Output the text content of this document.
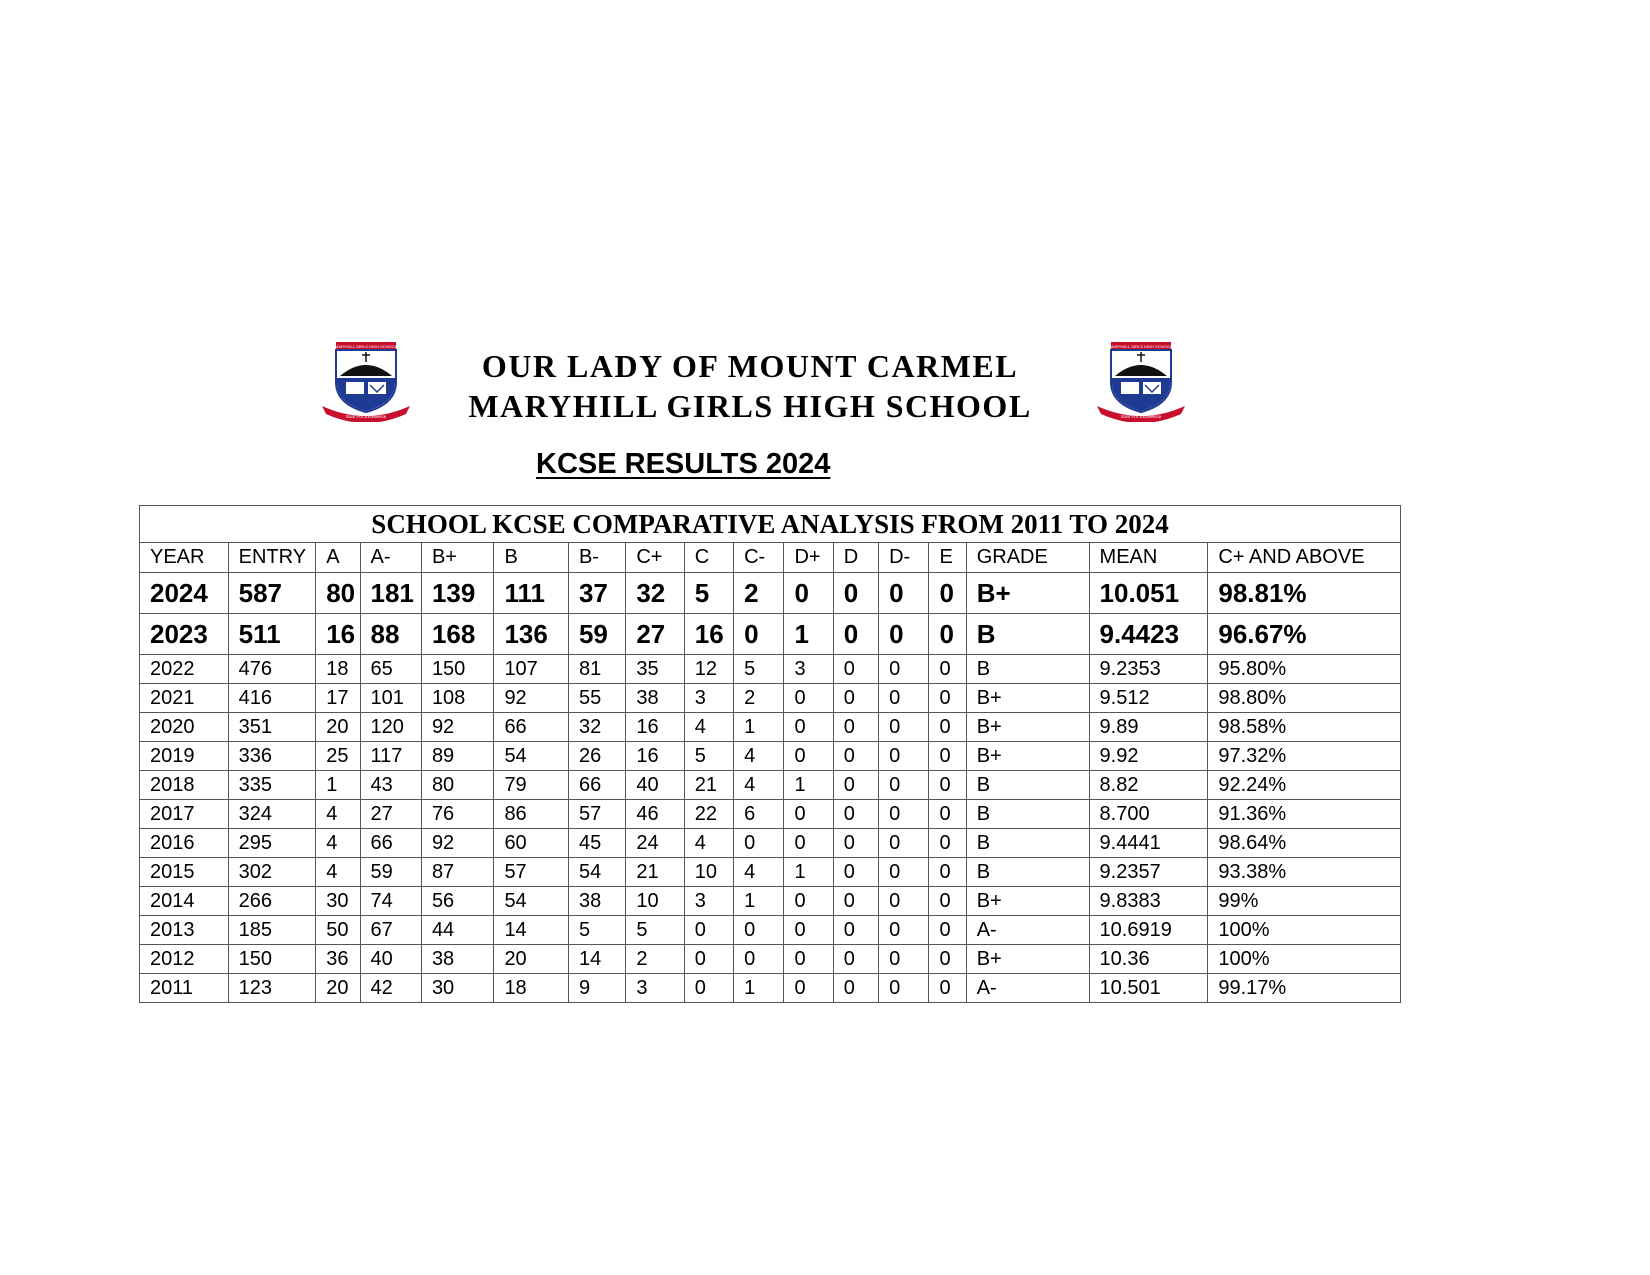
MARYHILL GIRLS HIGH SCHOOL
Soar For Excellence
MARYHILL GIRLS HIGH SCHOOL
Soar For Excellence
OUR LADY OF MOUNT CARMEL
MARYHILL GIRLS HIGH SCHOOL
KCSE RESULTS 2024
SCHOOL KCSE COMPARATIVE ANALYSIS FROM 2011 TO 2024																
YEAR	ENTRY	A	A-	B+	B	B-	C+	C	C-	D+	D	D-	E	GRADE	MEAN	C+ AND ABOVE
2024	587	80	181	139	111	37	32	5	2	0	0	0	0	B+	10.051	98.81%
2023	511	16	88	168	136	59	27	16	0	1	0	0	0	B	9.4423	96.67%
2022	476	18	65	150	107	81	35	12	5	3	0	0	0	B	9.2353	95.80%
2021	416	17	101	108	92	55	38	3	2	0	0	0	0	B+	9.512	98.80%
2020	351	20	120	92	66	32	16	4	1	0	0	0	0	B+	9.89	98.58%
2019	336	25	117	89	54	26	16	5	4	0	0	0	0	B+	9.92	97.32%
2018	335	1	43	80	79	66	40	21	4	1	0	0	0	B	8.82	92.24%
2017	324	4	27	76	86	57	46	22	6	0	0	0	0	B	8.700	91.36%
2016	295	4	66	92	60	45	24	4	0	0	0	0	0	B	9.4441	98.64%
2015	302	4	59	87	57	54	21	10	4	1	0	0	0	B	9.2357	93.38%
2014	266	30	74	56	54	38	10	3	1	0	0	0	0	B+	9.8383	99%
2013	185	50	67	44	14	5	5	0	0	0	0	0	0	A-	10.6919	100%
2012	150	36	40	38	20	14	2	0	0	0	0	0	0	B+	10.36	100%
2011	123	20	42	30	18	9	3	0	1	0	0	0	0	A-	10.501	99.17%
